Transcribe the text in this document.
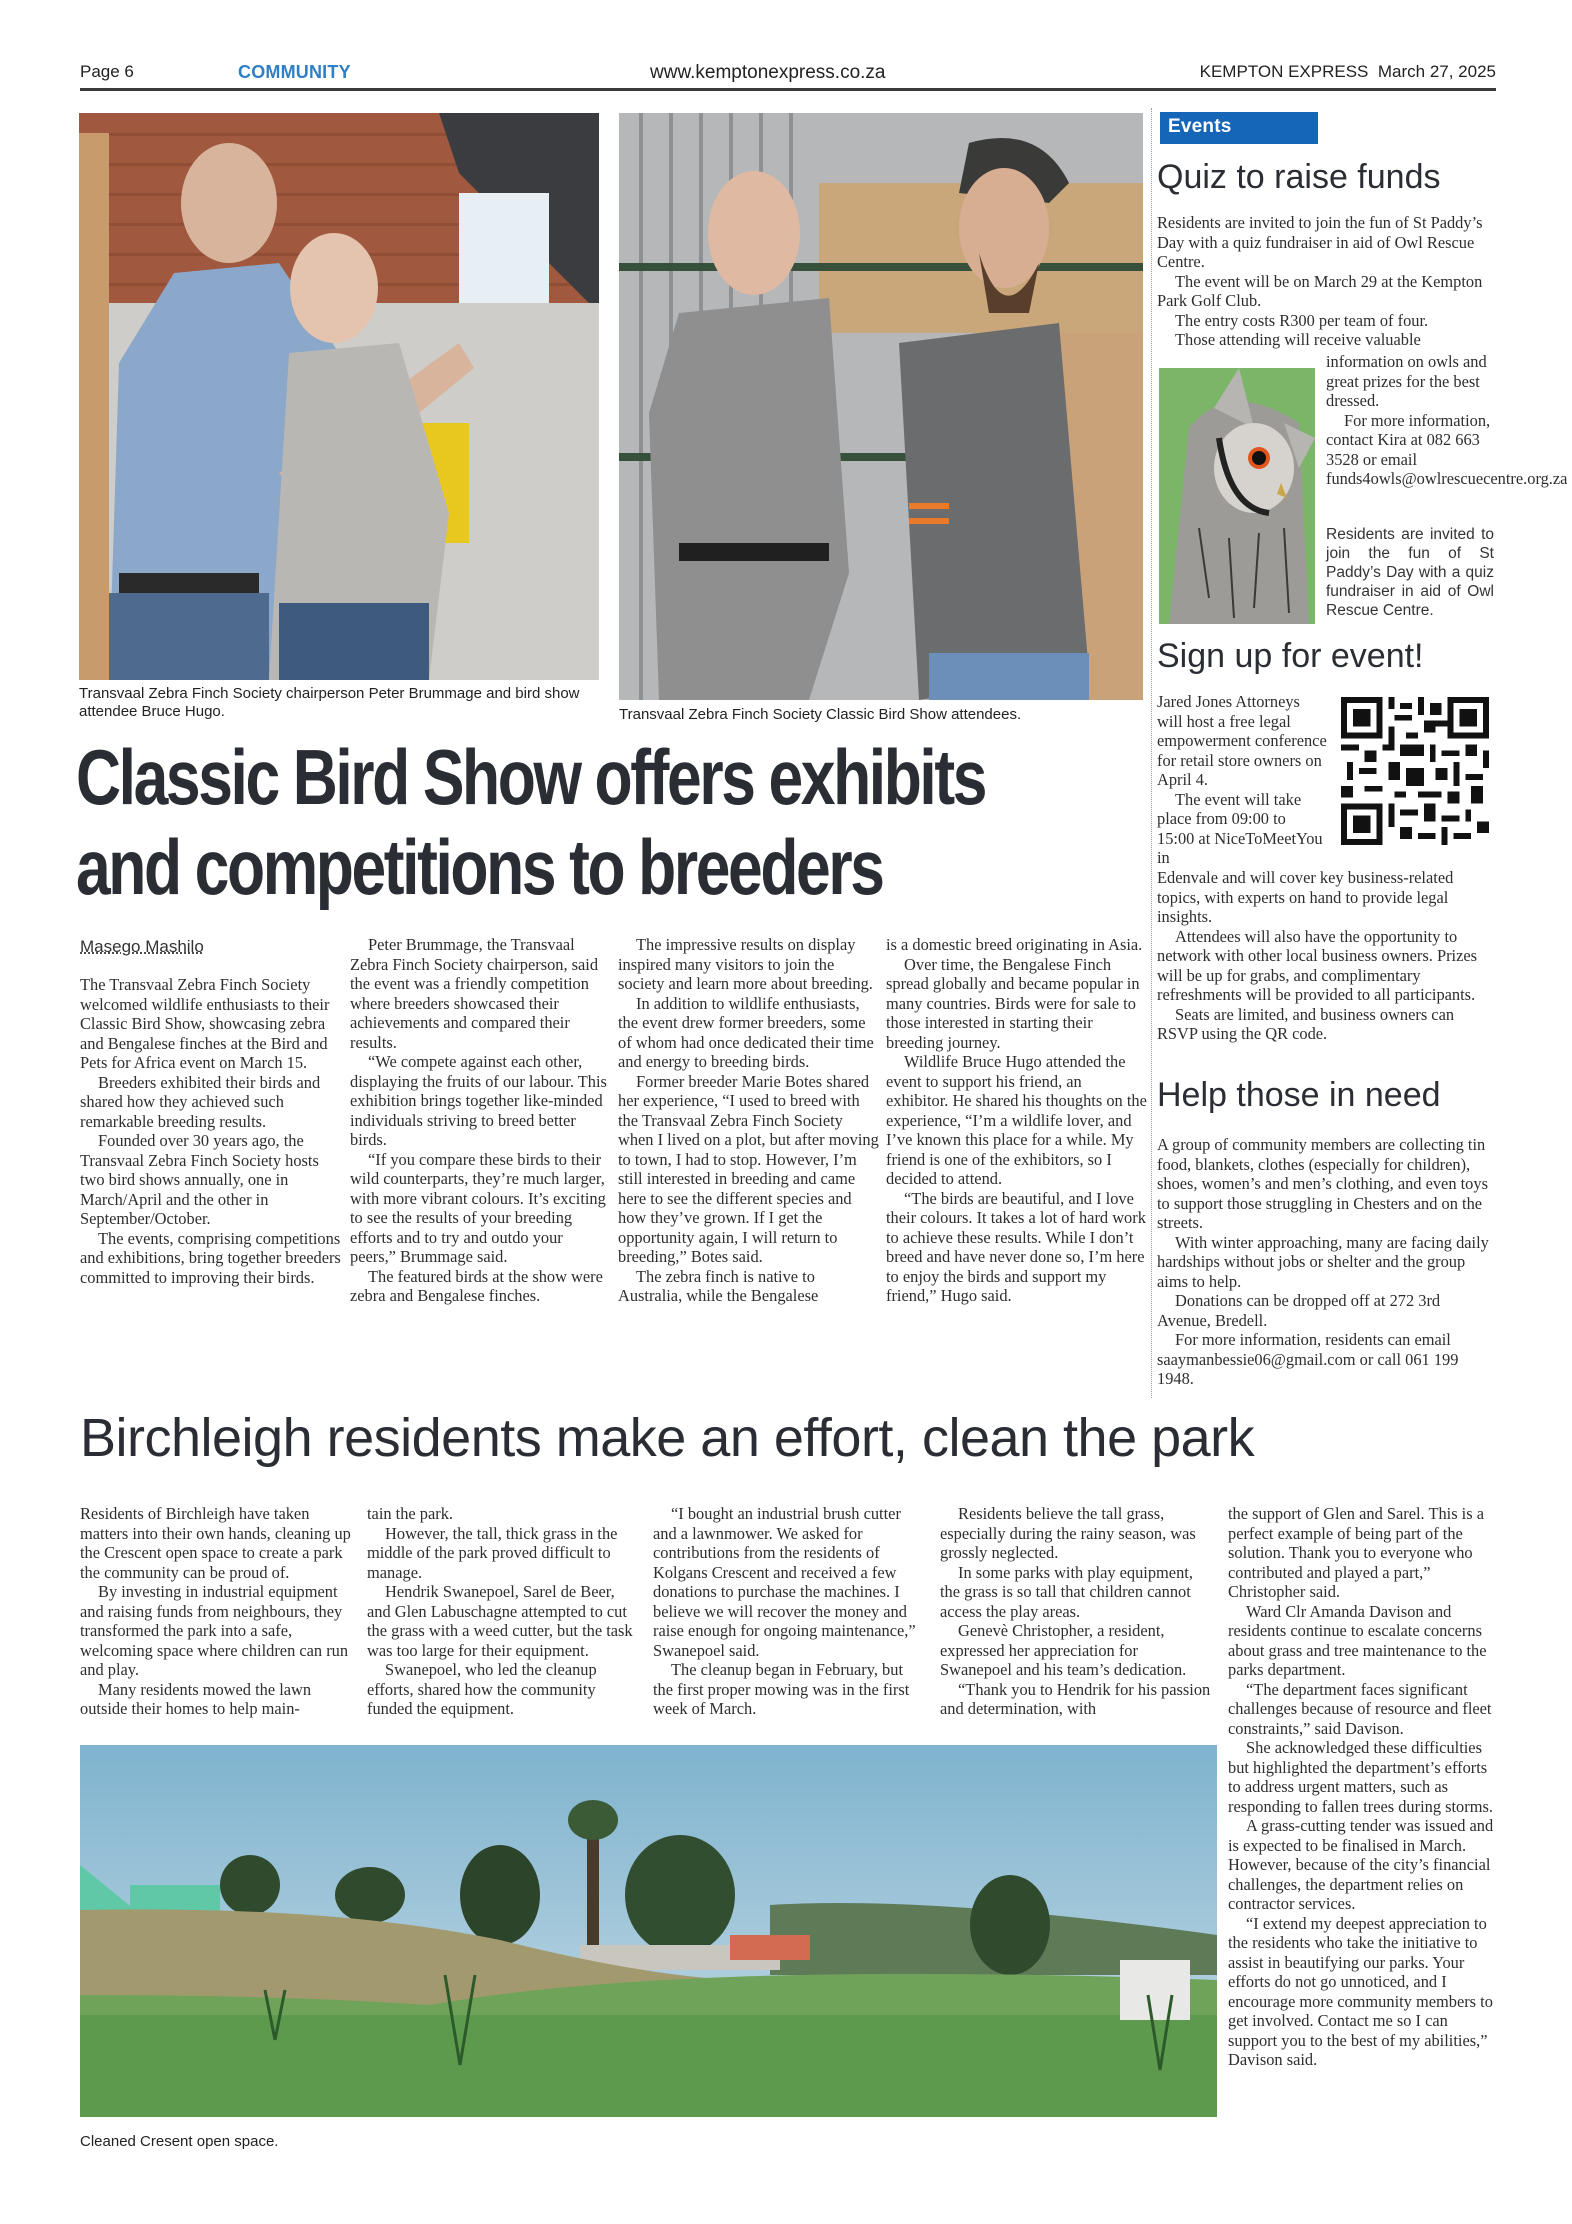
Page 6	COMMUNITY	www.kemptonexpress.co.za	KEMPTON EXPRESS March 27, 2025
Transvaal Zebra Finch Society chairperson Peter Brummage and bird show attendee Bruce Hugo.	Transvaal Zebra Finch Society Classic Bird Show attendees.
Classic Bird Show offers exhibits
and competitions to breeders
Masego Mashilo

The Transvaal Zebra Finch Society welcomed wildlife enthusiasts to their Classic Bird Show, showcasing zebra and Bengalese finches at the Bird and Pets for Africa event on March 15.

Breeders exhibited their birds and shared how they achieved such remarkable breeding results.

Founded over 30 years ago, the Transvaal Zebra Finch Society hosts two bird shows annually, one in March/April and the other in September/October.

The events, comprising competitions and exhibitions, bring together breeders committed to improving their birds.

Peter Brummage, the Transvaal Zebra Finch Society chairperson, said the event was a friendly competition where breeders showcased their achievements and compared their results.

“We compete against each other, displaying the fruits of our labour. This exhibition brings together like-minded individuals striving to breed better birds.

“If you compare these birds to their wild counterparts, they’re much larger, with more vibrant colours. It’s exciting to see the results of your breeding efforts and to try and outdo your peers,” Brummage said.

The featured birds at the show were zebra and Bengalese finches.

The impressive results on display inspired many visitors to join the society and learn more about breeding.

In addition to wildlife enthusiasts, the event drew former breeders, some of whom had once dedicated their time and energy to breeding birds.

Former breeder Marie Botes shared her experience, “I used to breed with the Transvaal Zebra Finch Society when I lived on a plot, but after moving to town, I had to stop. However, I’m still interested in breeding and came here to see the different species and how they’ve grown. If I get the opportunity again, I will return to breeding,” Botes said.

The zebra finch is native to Australia, while the Bengalese

is a domestic breed originating in Asia.

Over time, the Bengalese Finch spread globally and became popular in many countries. Birds were for sale to those interested in starting their breeding journey.

Wildlife Bruce Hugo attended the event to support his friend, an exhibitor. He shared his thoughts on the experience, “I’m a wildlife lover, and I’ve known this place for a while. My friend is one of the exhibitors, so I decided to attend.

“The birds are beautiful, and I love their colours. It takes a lot of hard work to achieve these results. While I don’t breed and have never done so, I’m here to enjoy the birds and support my friend,” Hugo said.

Events
Quiz to raise funds

Residents are invited to join the fun of St Paddy’s Day with a quiz fundraiser in aid of Owl Rescue Centre.

The event will be on March 29 at the Kempton Park Golf Club.

The entry costs R300 per team of four.

Those attending will receive valuable

information on owls and great prizes for the best dressed.

For more information, contact Kira at 082 663 3528 or email funds4owls@owlrescuecentre.org.za

Residents are invited to join the fun of St Paddy’s Day with a quiz fundraiser in aid of Owl Rescue Centre.
Sign up for event!

Jared Jones Attorneys will host a free legal empowerment conference for retail store owners on April 4.

The event will take place from 09:00 to 15:00 at NiceToMeetYou in

Edenvale and will cover key business-related topics, with experts on hand to provide legal insights.

Attendees will also have the opportunity to network with other local business owners. Prizes will be up for grabs, and complimentary refreshments will be provided to all participants.

Seats are limited, and business owners can RSVP using the QR code.

Help those in need

A group of community members are collecting tin food, blankets, clothes (especially for children), shoes, women’s and men’s clothing, and even toys to support those struggling in Chesters and on the streets.

With winter approaching, many are facing daily hardships without jobs or shelter and the group aims to help.

Donations can be dropped off at 272 3rd Avenue, Bredell.

For more information, residents can email saaymanbessie06@gmail.com or call 061 199 1948.

Birchleigh residents make an effort, clean the park

Residents of Birchleigh have taken matters into their own hands, cleaning up the Crescent open space to create a park the community can be proud of.

By investing in industrial equipment and raising funds from neighbours, they transformed the park into a safe, welcoming space where children can run and play.

Many residents mowed the lawn outside their homes to help main-

tain the park.

However, the tall, thick grass in the middle of the park proved difficult to manage.

Hendrik Swanepoel, Sarel de Beer, and Glen Labuschagne attempted to cut the grass with a weed cutter, but the task was too large for their equipment.

Swanepoel, who led the cleanup efforts, shared how the community funded the equipment.

“I bought an industrial brush cutter and a lawnmower. We asked for contributions from the residents of Kolgans Crescent and received a few donations to purchase the machines. I believe we will recover the money and raise enough for ongoing maintenance,” Swanepoel said.

The cleanup began in February, but the first proper mowing was in the first week of March.

Residents believe the tall grass, especially during the rainy season, was grossly neglected.

In some parks with play equipment, the grass is so tall that children cannot access the play areas.

Genevè Christopher, a resident, expressed her appreciation for Swanepoel and his team’s dedication.

“Thank you to Hendrik for his passion and determination, with

the support of Glen and Sarel. This is a perfect example of being part of the solution. Thank you to everyone who contributed and played a part,” Christopher said.

Ward Clr Amanda Davison and residents continue to escalate concerns about grass and tree maintenance to the parks department.

“The department faces significant challenges because of resource and fleet constraints,” said Davison.

She acknowledged these difficulties but highlighted the department’s efforts to address urgent matters, such as responding to fallen trees during storms.

A grass-cutting tender was issued and is expected to be finalised in March. However, because of the city’s financial challenges, the department relies on contractor services.

“I extend my deepest appreciation to the residents who take the initiative to assist in beautifying our parks. Your efforts do not go unnoticed, and I encourage more community members to get involved. Contact me so I can support you to the best of my abilities,” Davison said.

Cleaned Cresent open space.
